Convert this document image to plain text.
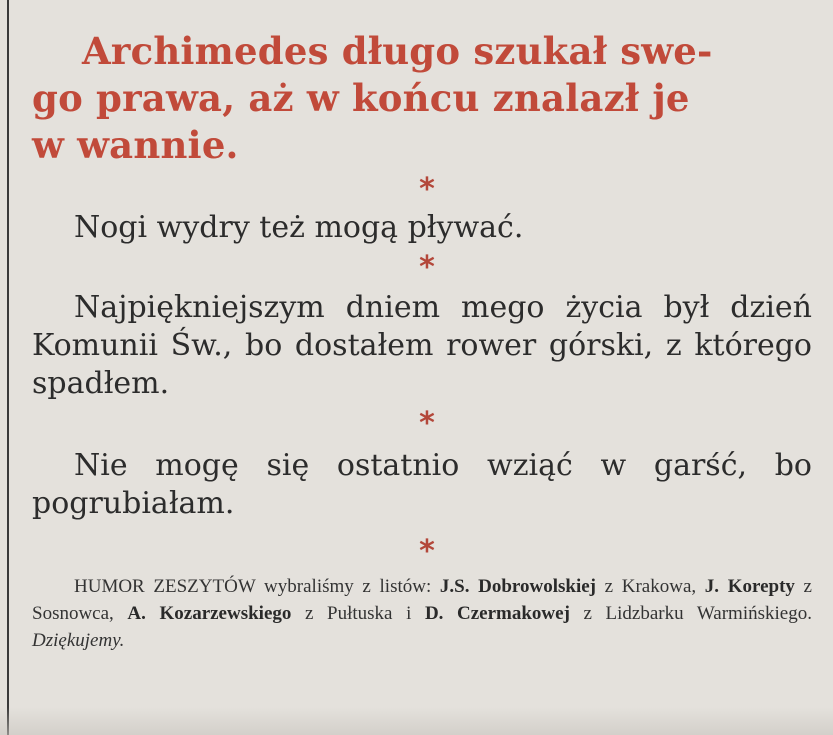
Archimedes długo szukał swe-
go prawa, aż w końcu znalazł je
w wannie.
*

Nogi wydry też mogą pływać.

*

Najpiękniejszym dniem mego życia był dzień Komunii Św., bo dostałem rower górski, z którego spadłem.

*

Nie mogę się ostatnio wziąć w garść, bo pogrubiałam.

*

HUMOR ZESZYTÓW wybraliśmy z listów: J.S. Dobrowolskiej z Krakowa, J. Korepty z Sosnowca, A. Kozarzewskiego z Pułtuska i D. Czermakowej z Lidzbarku Warmińskiego. Dziękujemy.
